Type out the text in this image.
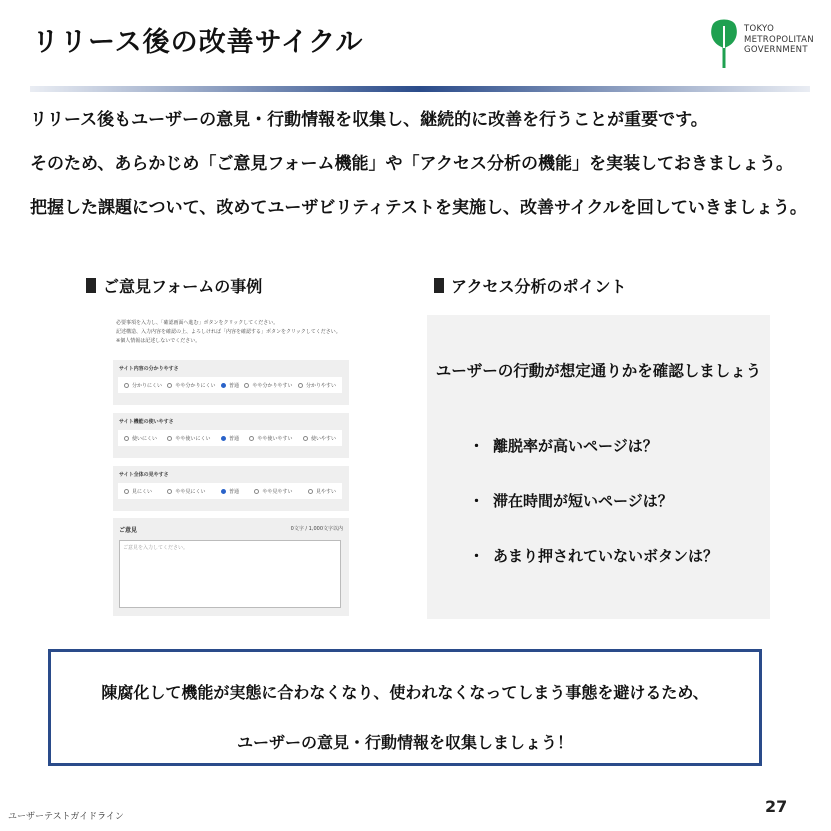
リリース後の改善サイクル	TOKYO
METROPOLITAN
GOVERNMENT
リリース後もユーザーの意見・行動情報を収集し、継続的に改善を行うことが重要です。
そのため、あらかじめ「ご意見フォーム機能」や「アクセス分析の機能」を実装しておきましょう。
把握した課題について、改めてユーザビリティテストを実施し、改善サイクルを回していきましょう。
ご意見フォームの事例	アクセス分析のポイント
必要事項を入力し、「確認画面へ進む」ボタンをクリックしてください。
記述構造、入力内容を確認の上、よろしければ「内容を確認する」ボタンをクリックしてください。
※個人情報は記述しないでください。
サイト内容の分かりやすさ
分かりにくい	やや分かりにくい	普通	やや分かりやすい	分かりやすい
サイト機能の使いやすさ
使いにくい	やや使いにくい	普通	やや使いやすい	使いやすい
サイト全体の見やすさ
見にくい	やや見にくい	普通	やや見やすい	見やすい
ご意見	0文字 / 1,000文字以内
ご意見を入力してください。
ユーザーの行動が想定通りかを確認しましょう
・ 離脱率が高いページは？
・ 滞在時間が短いページは？
・ あまり押されていないボタンは？
陳腐化して機能が実態に合わなくなり、使われなくなってしまう事態を避けるため、
ユーザーの意見・行動情報を収集しましょう！
ユーザーテストガイドライン
27
